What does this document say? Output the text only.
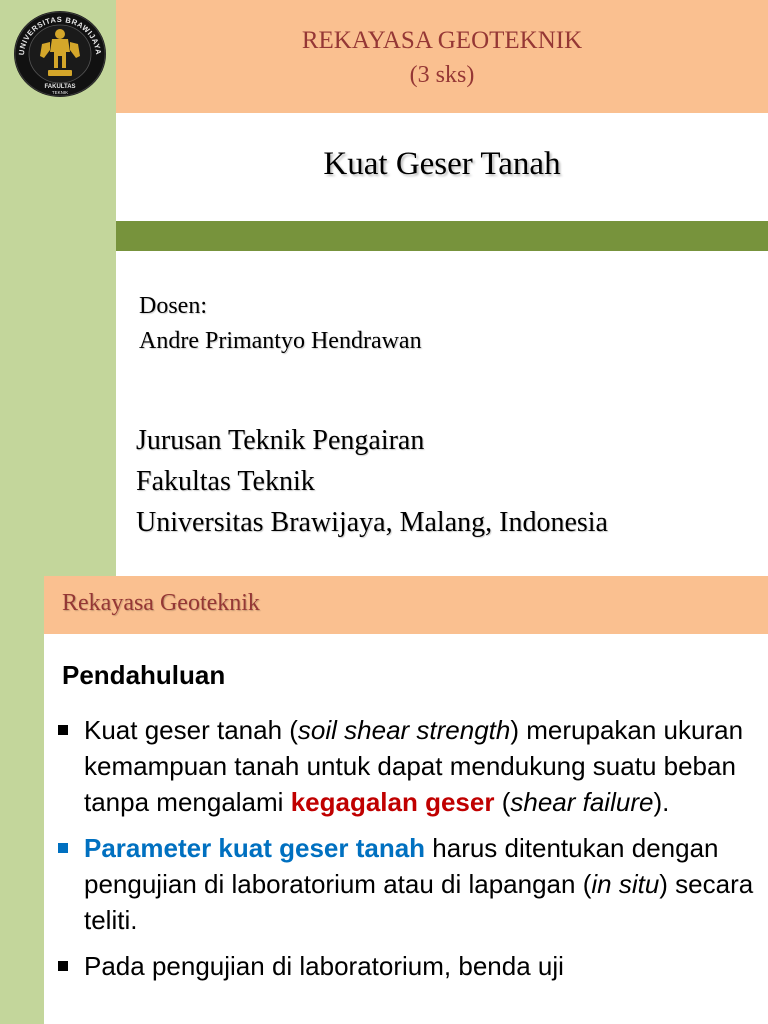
UNIVERSITAS BRAWIJAYA
FAKULTAS
TEKNIK
REKAYASA GEOTEKNIK
(3 sks)
Kuat Geser Tanah
Dosen:
Andre Primantyo Hendrawan
Jurusan Teknik Pengairan
Fakultas Teknik
Universitas Brawijaya, Malang, Indonesia
Rekayasa Geoteknik
Pendahuluan
Kuat geser tanah (soil shear strength) merupakan ukuran kemampuan tanah untuk dapat mendukung suatu beban tanpa mengalami kegagalan geser (shear failure).
Parameter kuat geser tanah harus ditentukan dengan pengujian di laboratorium atau di lapangan (in situ) secara teliti.
Pada pengujian di laboratorium, benda uji
